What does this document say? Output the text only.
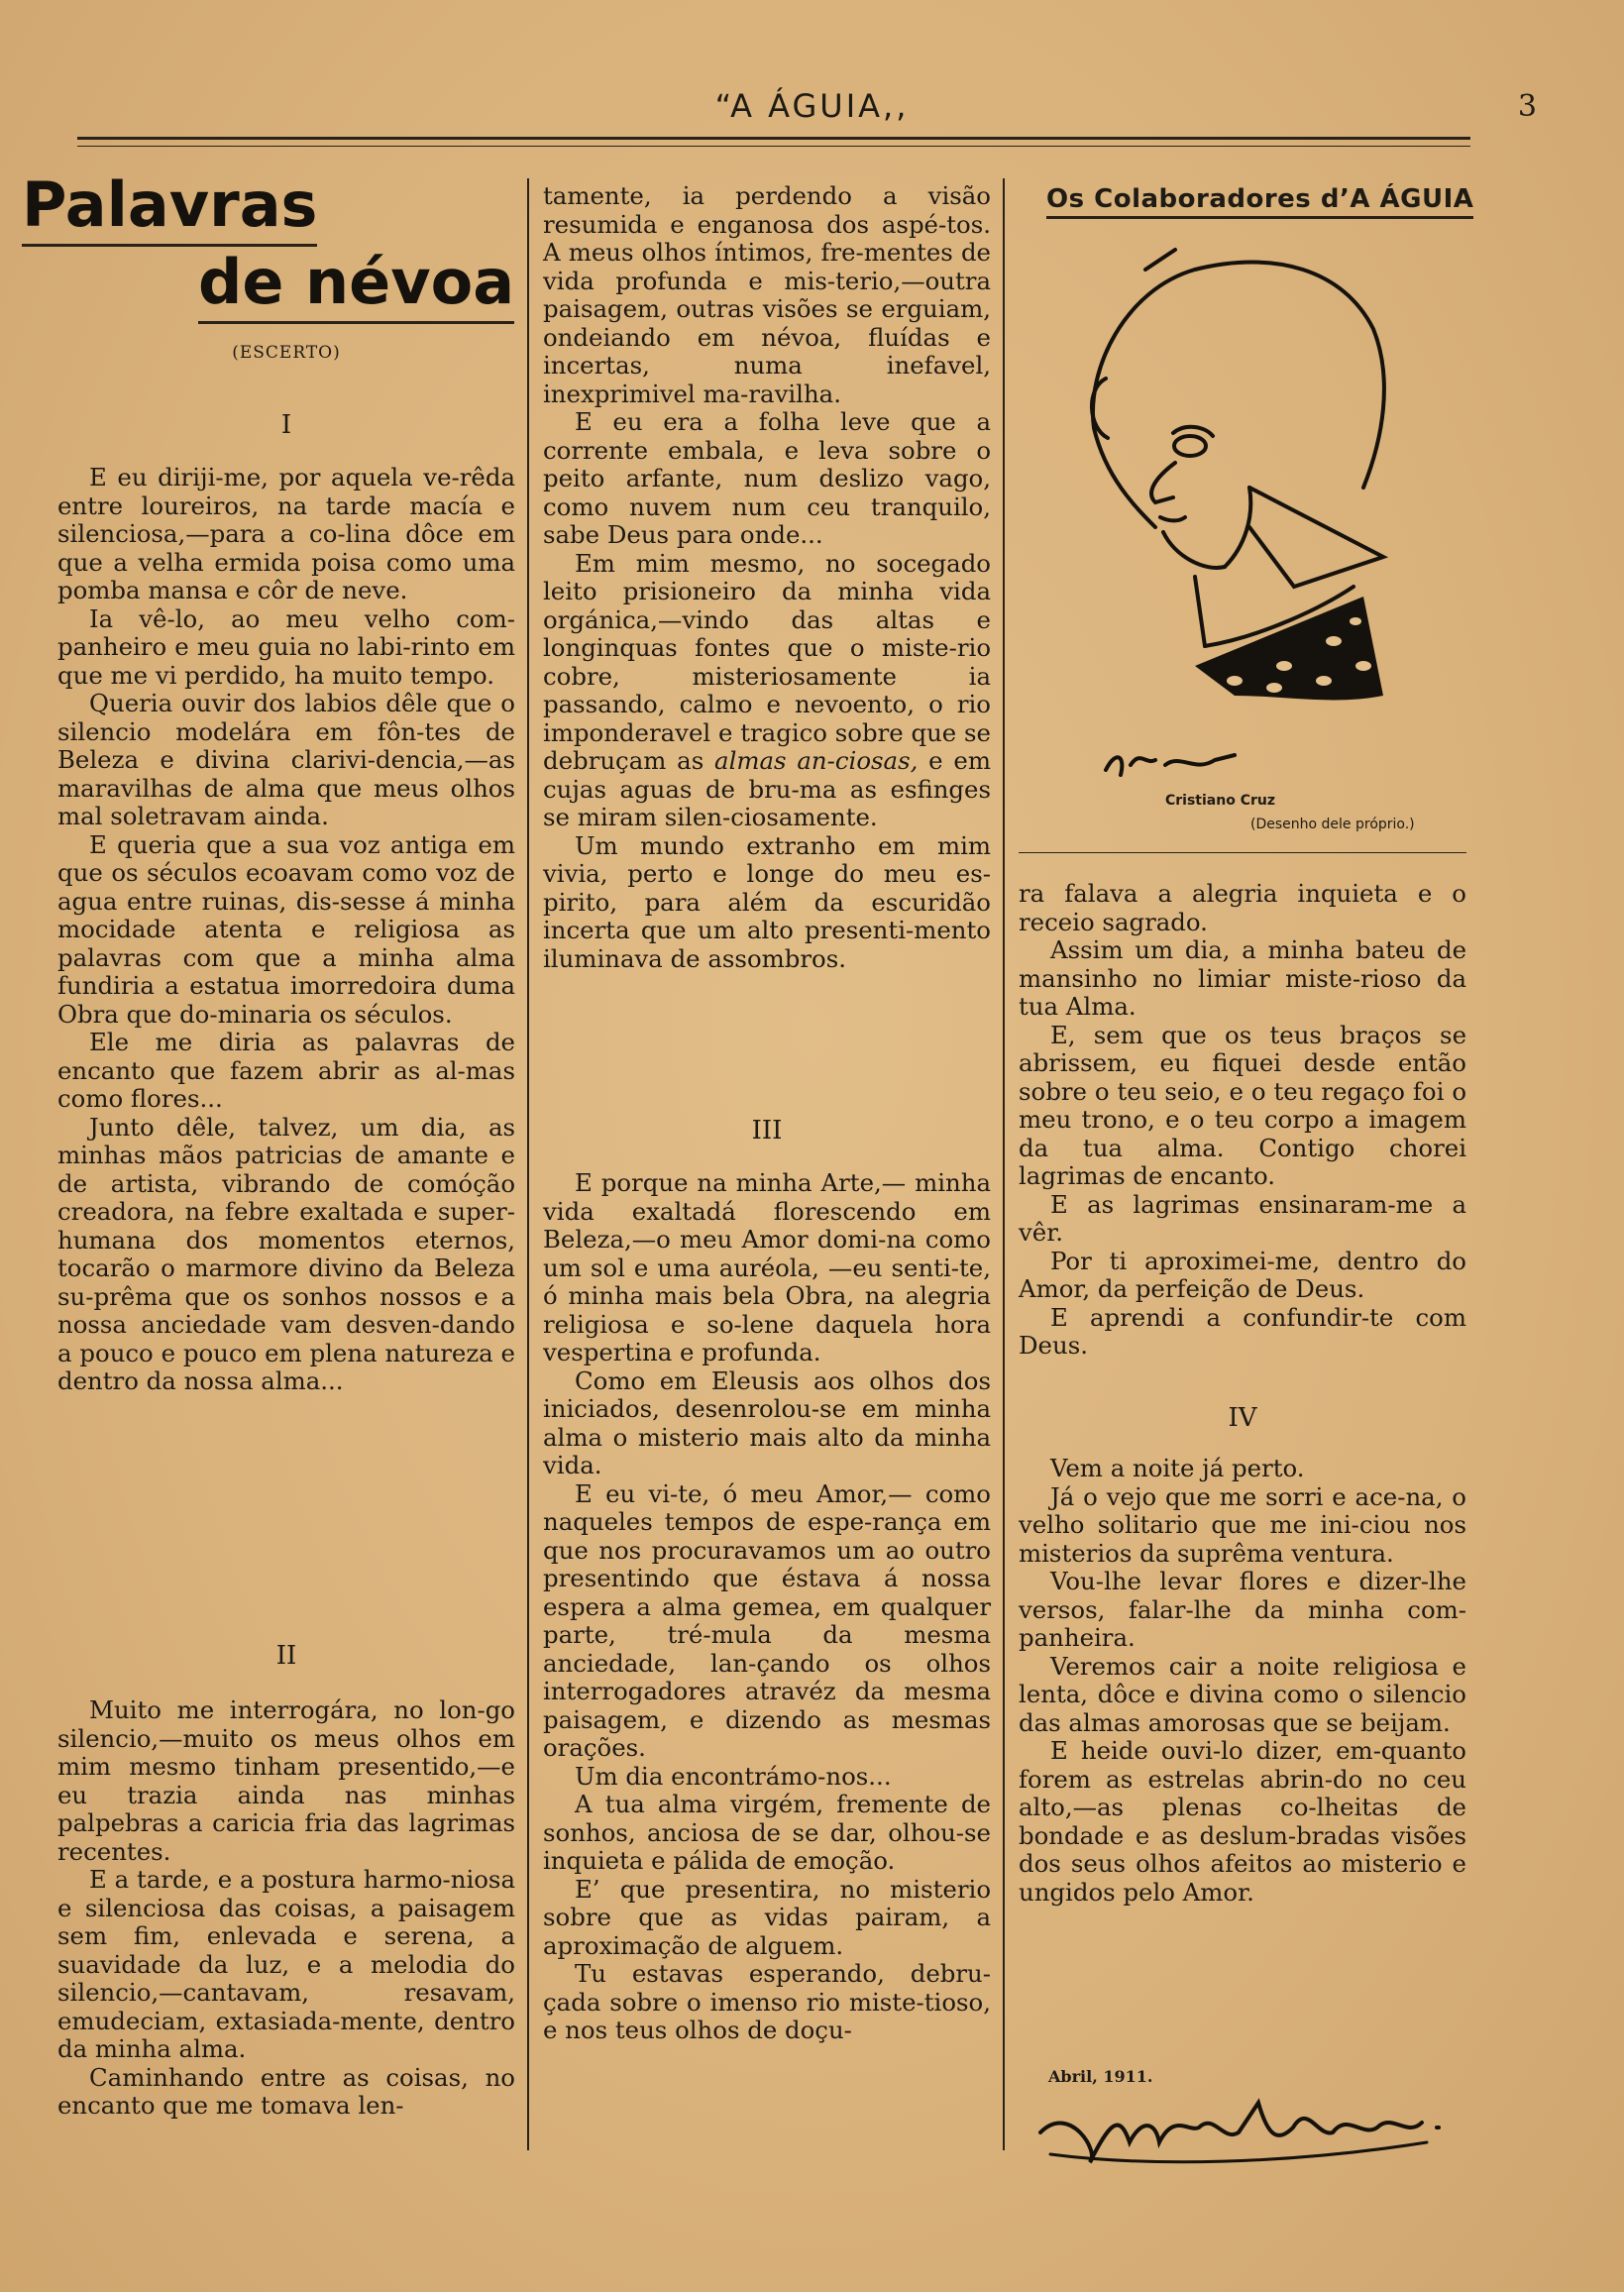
“A ÁGUIA,,	3
Palavras
de névoa
(ESCERTO)
I

E eu diriji-me, por aquela ve-rêda entre loureiros, na tarde macía e silenciosa,—para a co-lina dôce em que a velha ermida poisa como uma pomba mansa e côr de neve.

Ia vê-lo, ao meu velho com-panheiro e meu guia no labi-rinto em que me vi perdido, ha muito tempo.

Queria ouvir dos labios dêle que o silencio modelára em fôn-tes de Beleza e divina clarivi-dencia,—as maravilhas de alma que meus olhos mal soletravam ainda.

E queria que a sua voz antiga em que os séculos ecoavam como voz de agua entre ruinas, dis-sesse á minha mocidade atenta e religiosa as palavras com que a minha alma fundiria a estatua imorredoira duma Obra que do-minaria os séculos.

Ele me diria as palavras de encanto que fazem abrir as al-mas como flores...

Junto dêle, talvez, um dia, as minhas mãos patricias de amante e de artista, vibrando de comóção creadora, na febre exaltada e super-humana dos momentos eternos, tocarão o marmore divino da Beleza su-prêma que os sonhos nossos e a nossa anciedade vam desven-dando a pouco e pouco em plena natureza e dentro da nossa alma...

II

Muito me interrogára, no lon-go silencio,—muito os meus olhos em mim mesmo tinham presentido,—e eu trazia ainda nas minhas palpebras a caricia fria das lagrimas recentes.

E a tarde, e a postura harmo-niosa e silenciosa das coisas, a paisagem sem fim, enlevada e serena, a suavidade da luz, e a melodia do silencio,—cantavam, resavam, emudeciam, extasiada-mente, dentro da minha alma.

Caminhando entre as coisas, no encanto que me tomava len-

tamente, ia perdendo a visão resumida e enganosa dos aspé-tos. A meus olhos íntimos, fre-mentes de vida profunda e mis-terio,—outra paisagem, outras visões se erguiam, ondeiando em névoa, fluídas e incertas, numa inefavel, inexprimivel ma-ravilha.

E eu era a folha leve que a corrente embala, e leva sobre o peito arfante, num deslizo vago, como nuvem num ceu tranquilo, sabe Deus para onde...

Em mim mesmo, no socegado leito prisioneiro da minha vida orgánica,—vindo das altas e longinquas fontes que o miste-rio cobre, misteriosamente ia passando, calmo e nevoento, o rio imponderavel e tragico sobre que se debruçam as almas an-ciosas, e em cujas aguas de bru-ma as esfinges se miram silen-ciosamente.

Um mundo extranho em mim vivia, perto e longe do meu es-pirito, para além da escuridão incerta que um alto presenti-mento iluminava de assombros.

III

E porque na minha Arte,— minha vida exaltadá florescendo em Beleza,—o meu Amor domi-na como um sol e uma auréola, —eu senti-te, ó minha mais bela Obra, na alegria religiosa e so-lene daquela hora vespertina e profunda.

Como em Eleusis aos olhos dos iniciados, desenrolou-se em minha alma o misterio mais alto da minha vida.

E eu vi-te, ó meu Amor,— como naqueles tempos de espe-rança em que nos procuravamos um ao outro presentindo que éstava á nossa espera a alma gemea, em qualquer parte, tré-mula da mesma anciedade, lan-çando os olhos interrogadores atravéz da mesma paisagem, e dizendo as mesmas orações.

Um dia encontrámo-nos...

A tua alma virgém, fremente de sonhos, anciosa de se dar, olhou-se inquieta e pálida de emoção.

E’ que presentira, no misterio sobre que as vidas pairam, a aproximação de alguem.

Tu estavas esperando, debru-çada sobre o imenso rio miste-tioso, e nos teus olhos de doçu-

Os Colaboradores d’A ÁGUIA
Cristiano Cruz
(Desenho dele próprio.)

ra falava a alegria inquieta e o receio sagrado.

Assim um dia, a minha bateu de mansinho no limiar miste-rioso da tua Alma.

E, sem que os teus braços se abrissem, eu fiquei desde então sobre o teu seio, e o teu regaço foi o meu trono, e o teu corpo a imagem da tua alma. Contigo chorei lagrimas de encanto.

E as lagrimas ensinaram-me a vêr.

Por ti aproximei-me, dentro do Amor, da perfeição de Deus.

E aprendi a confundir-te com Deus.

IV

Vem a noite já perto.

Já o vejo que me sorri e ace-na, o velho solitario que me ini-ciou nos misterios da suprêma ventura.

Vou-lhe levar flores e dizer-lhe versos, falar-lhe da minha com-panheira.

Veremos cair a noite religiosa e lenta, dôce e divina como o silencio das almas amorosas que se beijam.

E heide ouvi-lo dizer, em-quanto forem as estrelas abrin-do no ceu alto,—as plenas co-lheitas de bondade e as deslum-bradas visões dos seus olhos afeitos ao misterio e ungidos pelo Amor.

Abril, 1911.
